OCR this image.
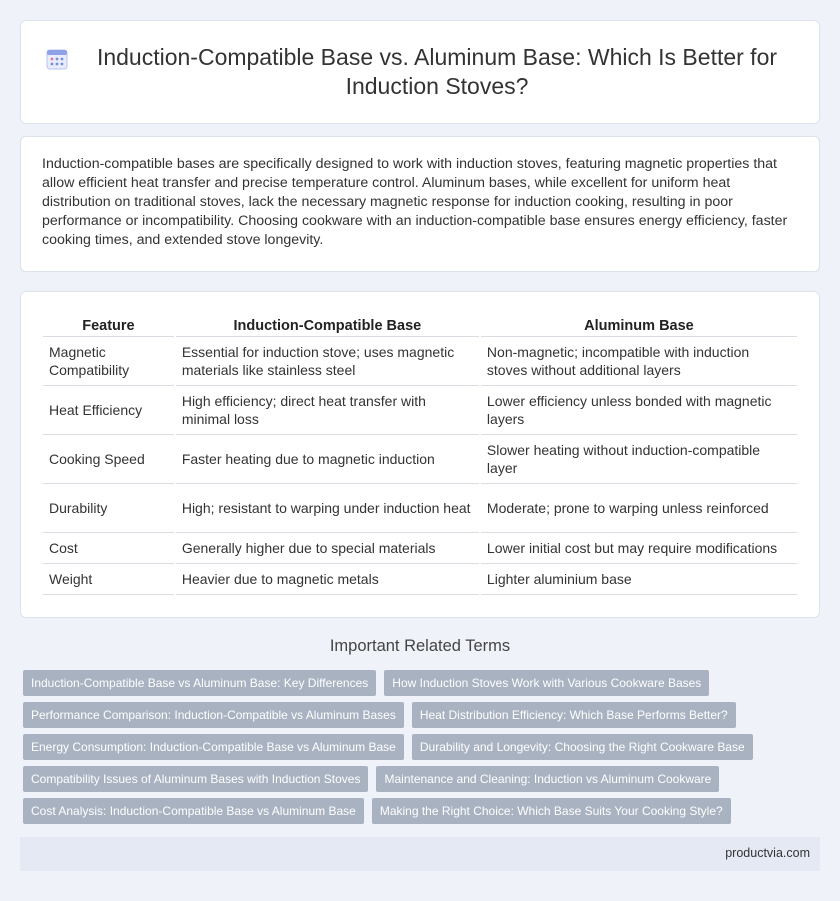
Induction-Compatible Base vs. Aluminum Base: Which Is Better for Induction Stoves?

Induction-compatible bases are specifically designed to work with induction stoves, featuring magnetic properties that allow efficient heat transfer and precise temperature control. Aluminum bases, while excellent for uniform heat distribution on traditional stoves, lack the necessary magnetic response for induction cooking, resulting in poor performance or incompatibility. Choosing cookware with an induction-compatible base ensures energy efficiency, faster cooking times, and extended stove longevity.

Feature	Induction-Compatible Base	Aluminum Base
Magnetic Compatibility	Essential for induction stove; uses magnetic materials like stainless steel	Non-magnetic; incompatible with induction stoves without additional layers
Heat Efficiency	High efficiency; direct heat transfer with minimal loss	Lower efficiency unless bonded with magnetic layers
Cooking Speed	Faster heating due to magnetic induction	Slower heating without induction-compatible layer
Durability	High; resistant to warping under induction heat	Moderate; prone to warping unless reinforced
Cost	Generally higher due to special materials	Lower initial cost but may require modifications
Weight	Heavier due to magnetic metals	Lighter aluminium base
Important Related Terms
Induction-Compatible Base vs Aluminum Base: Key Differences	How Induction Stoves Work with Various Cookware Bases
Performance Comparison: Induction-Compatible vs Aluminum Bases	Heat Distribution Efficiency: Which Base Performs Better?
Energy Consumption: Induction-Compatible Base vs Aluminum Base	Durability and Longevity: Choosing the Right Cookware Base
Compatibility Issues of Aluminum Bases with Induction Stoves	Maintenance and Cleaning: Induction vs Aluminum Cookware
Cost Analysis: Induction-Compatible Base vs Aluminum Base	Making the Right Choice: Which Base Suits Your Cooking Style?
productvia.com
